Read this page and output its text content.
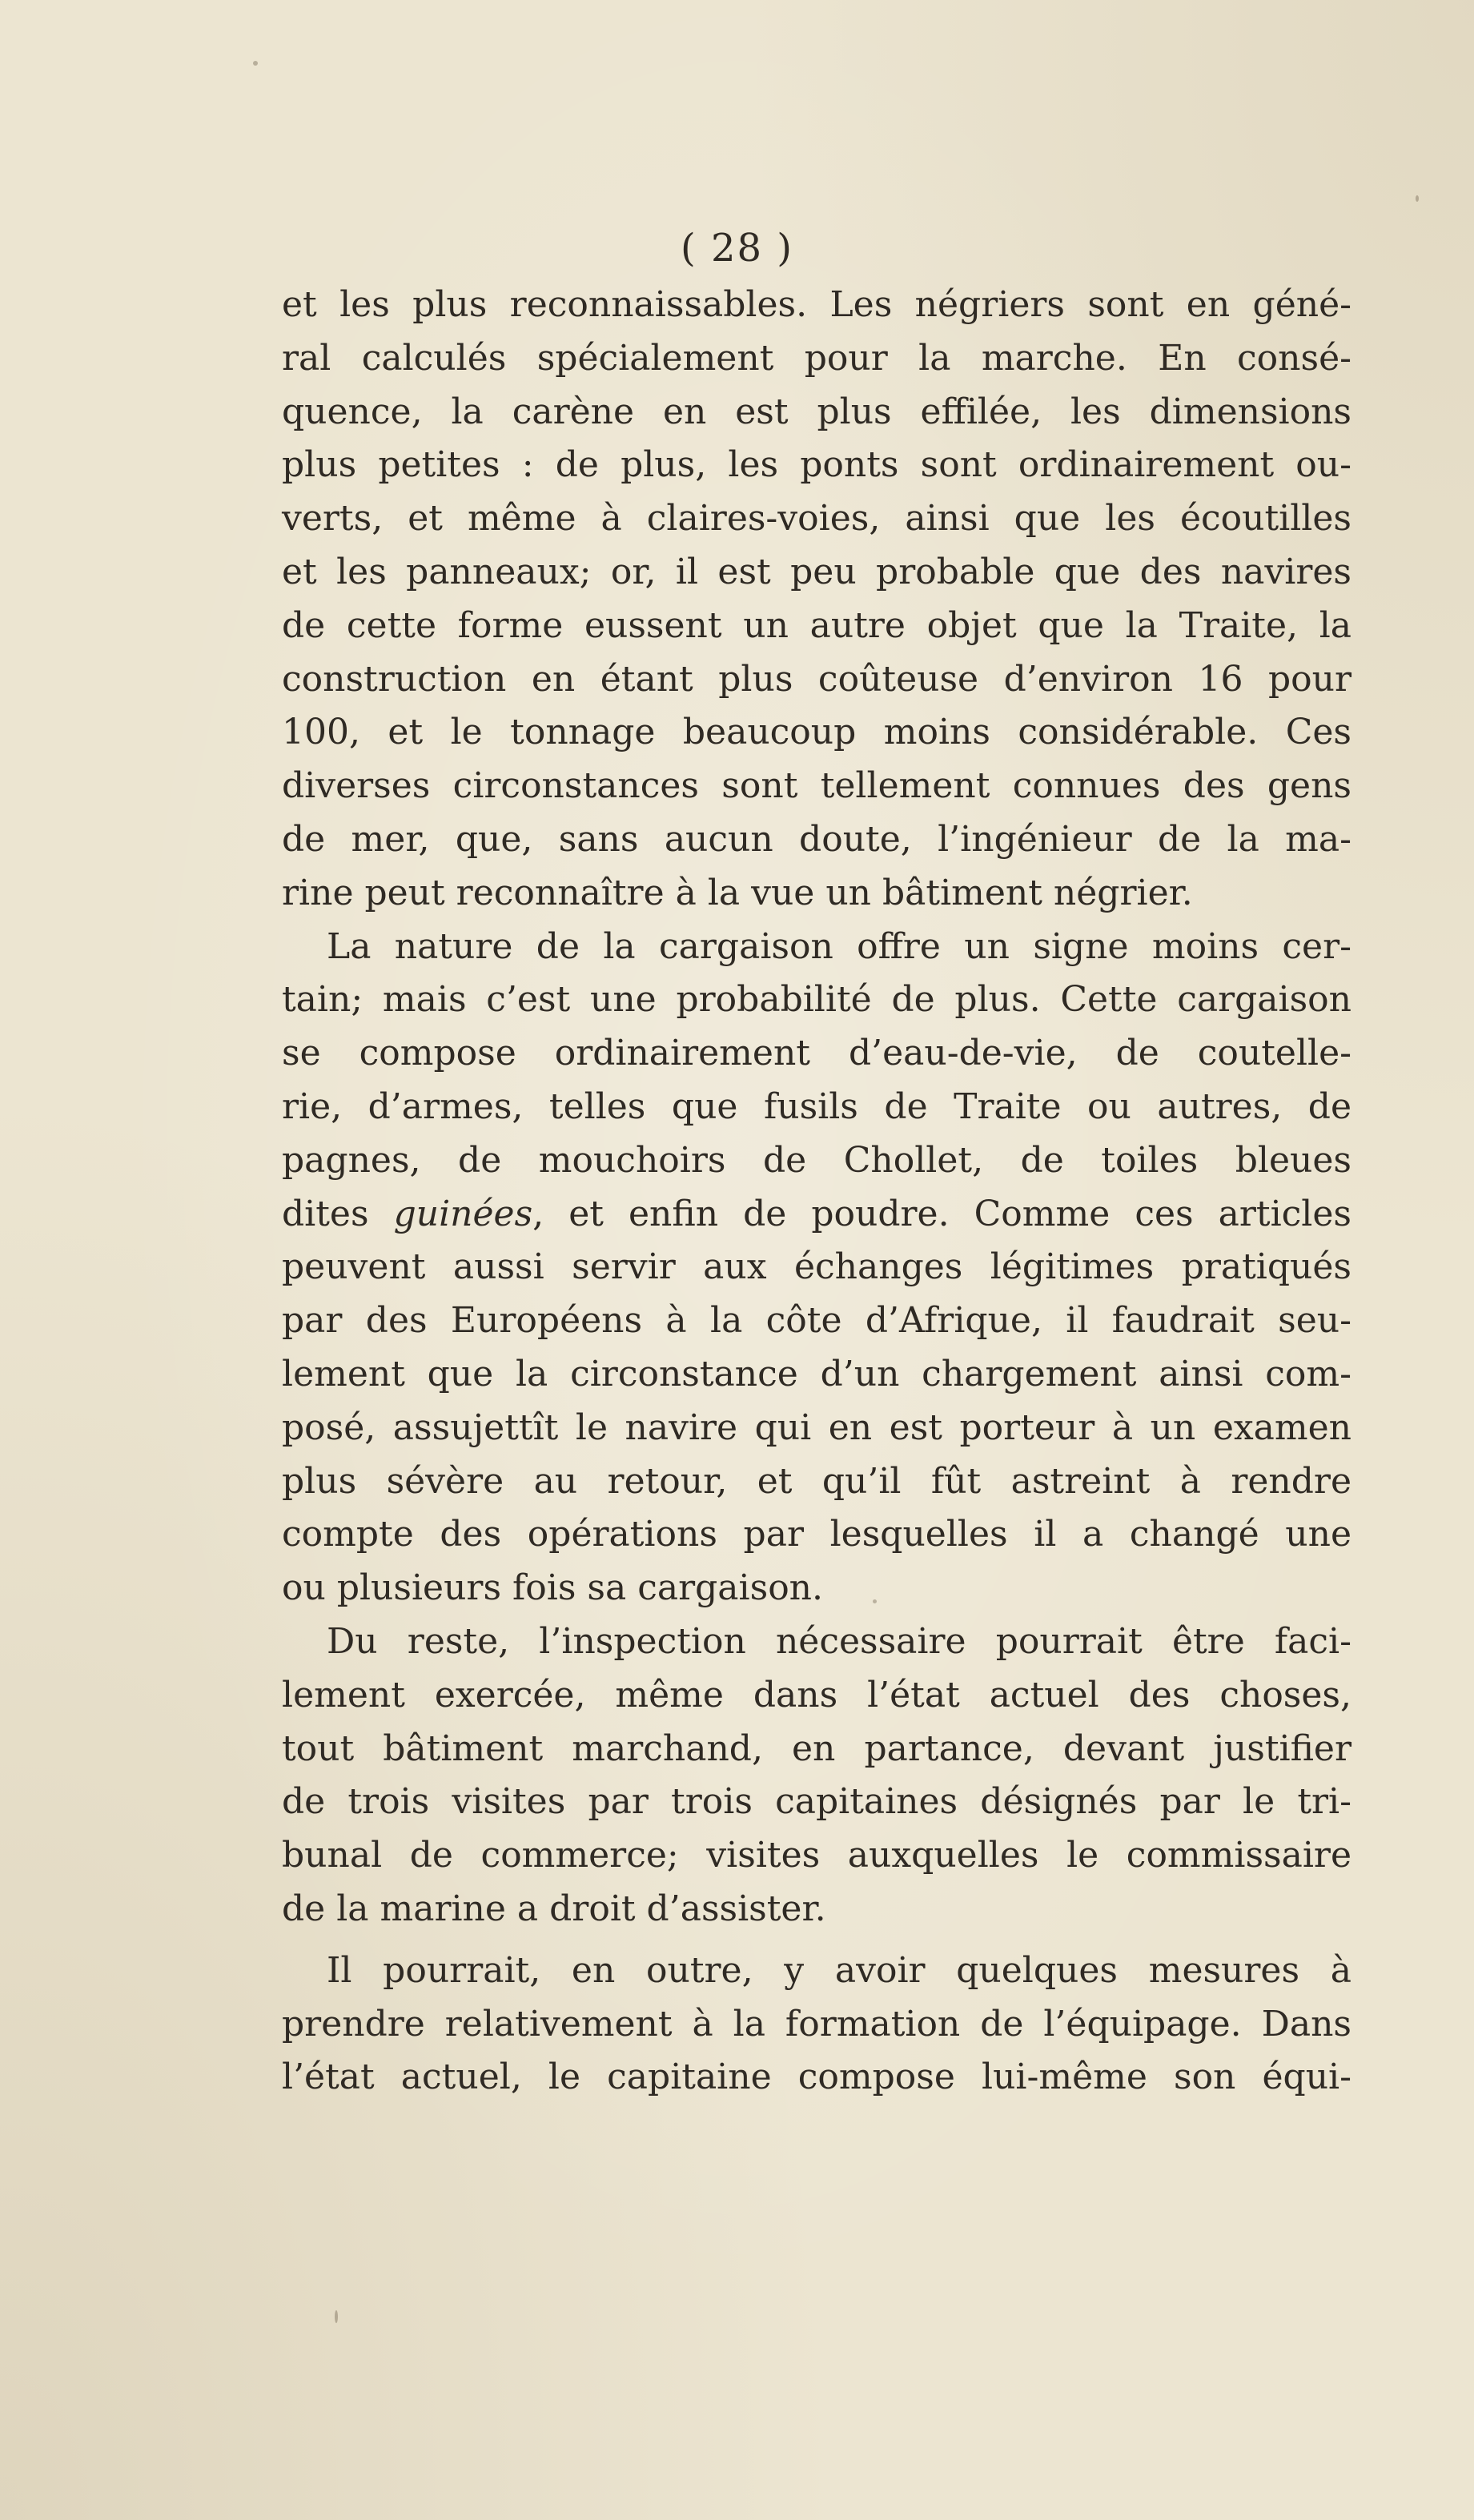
( 28 )
et les plus reconnaissables. Les négriers sont en géné-
ral calculés spécialement pour la marche. En consé-
quence, la carène en est plus effilée, les dimensions
plus petites : de plus, les ponts sont ordinairement ou-
verts, et même à claires-voies, ainsi que les écoutilles
et les panneaux; or, il est peu probable que des navires
de cette forme eussent un autre objet que la Traite, la
construction en étant plus coûteuse d’environ 16 pour
100, et le tonnage beaucoup moins considérable. Ces
diverses circonstances sont tellement connues des gens
de mer, que, sans aucun doute, l’ingénieur de la ma-
rine peut reconnaître à la vue un bâtiment négrier.
La nature de la cargaison offre un signe moins cer-
tain; mais c’est une probabilité de plus. Cette cargaison
se compose ordinairement d’eau-de-vie, de coutelle-
rie, d’armes, telles que fusils de Traite ou autres, de
pagnes, de mouchoirs de Chollet, de toiles bleues
dites guinées, et enfin de poudre. Comme ces articles
peuvent aussi servir aux échanges légitimes pratiqués
par des Européens à la côte d’Afrique, il faudrait seu-
lement que la circonstance d’un chargement ainsi com-
posé, assujettît le navire qui en est porteur à un examen
plus sévère au retour, et qu’il fût astreint à rendre
compte des opérations par lesquelles il a changé une
ou plusieurs fois sa cargaison.
Du reste, l’inspection nécessaire pourrait être faci-
lement exercée, même dans l’état actuel des choses,
tout bâtiment marchand, en partance, devant justifier
de trois visites par trois capitaines désignés par le tri-
bunal de commerce; visites auxquelles le commissaire
de la marine a droit d’assister.
Il pourrait, en outre, y avoir quelques mesures à
prendre relativement à la formation de l’équipage. Dans
l’état actuel, le capitaine compose lui-même son équi-
